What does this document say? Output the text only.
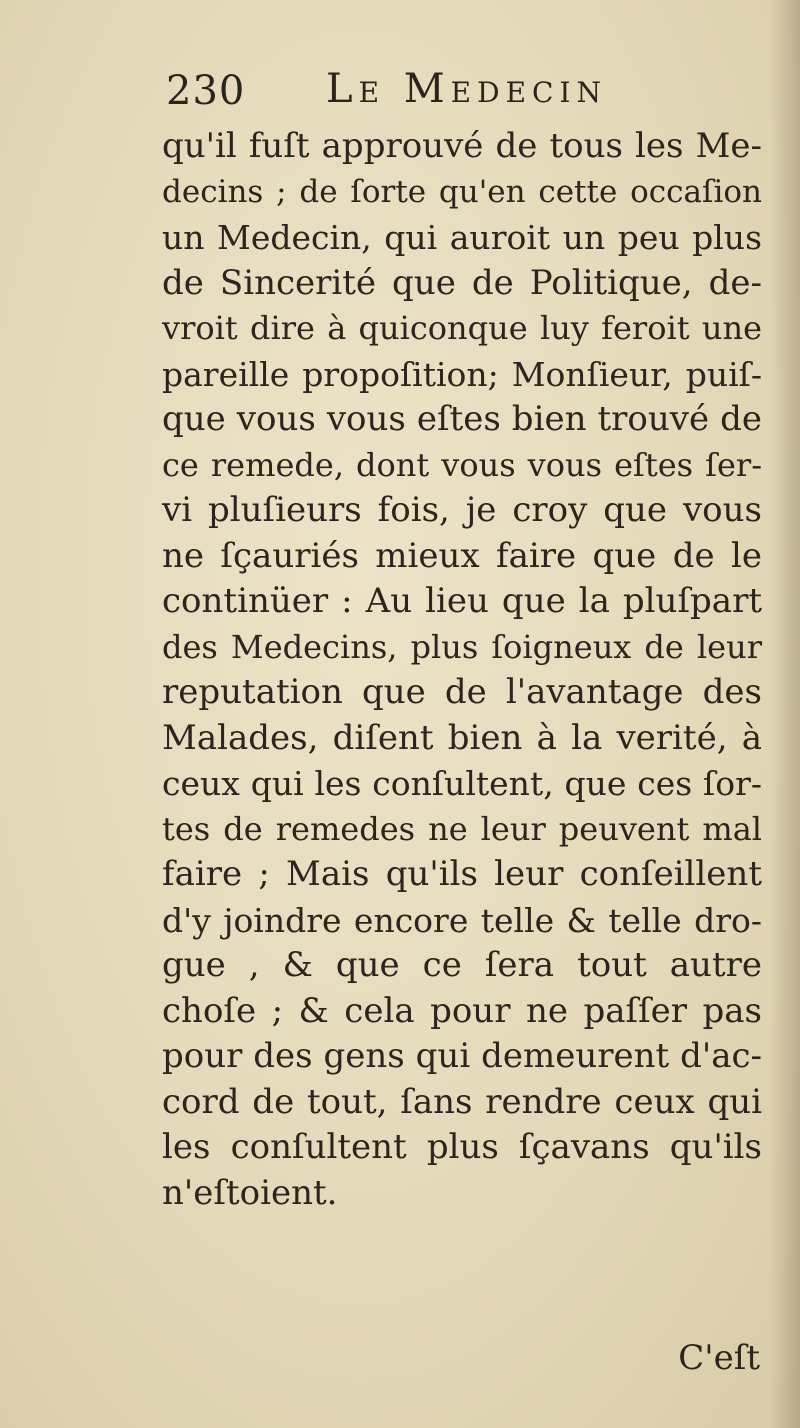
230 Le Medecin
qu'il fuſt approuvé de tous les Me-
decins ; de ſorte qu'en cette occaſion
un Medecin, qui auroit un peu plus
de Sincerité que de Politique, de-
vroit dire à quiconque luy feroit une
pareille propoſition; Monſieur, puiſ-
que vous vous eſtes bien trouvé de
ce remede, dont vous vous eſtes ſer-
vi pluſieurs fois, je croy que vous
ne ſçauriés mieux faire que de le
continüer : Au lieu que la pluſpart
des Medecins, plus ſoigneux de leur
reputation que de l'avantage des
Malades, diſent bien à la verité, à
ceux qui les conſultent, que ces ſor-
tes de remedes ne leur peuvent mal
faire ; Mais qu'ils leur conſeillent
d'y joindre encore telle & telle dro-
gue , & que ce ſera tout autre
choſe ; & cela pour ne paſſer pas
pour des gens qui demeurent d'ac-
cord de tout, ſans rendre ceux qui
les conſultent plus ſçavans qu'ils
n'eſtoient.
C'eſt
